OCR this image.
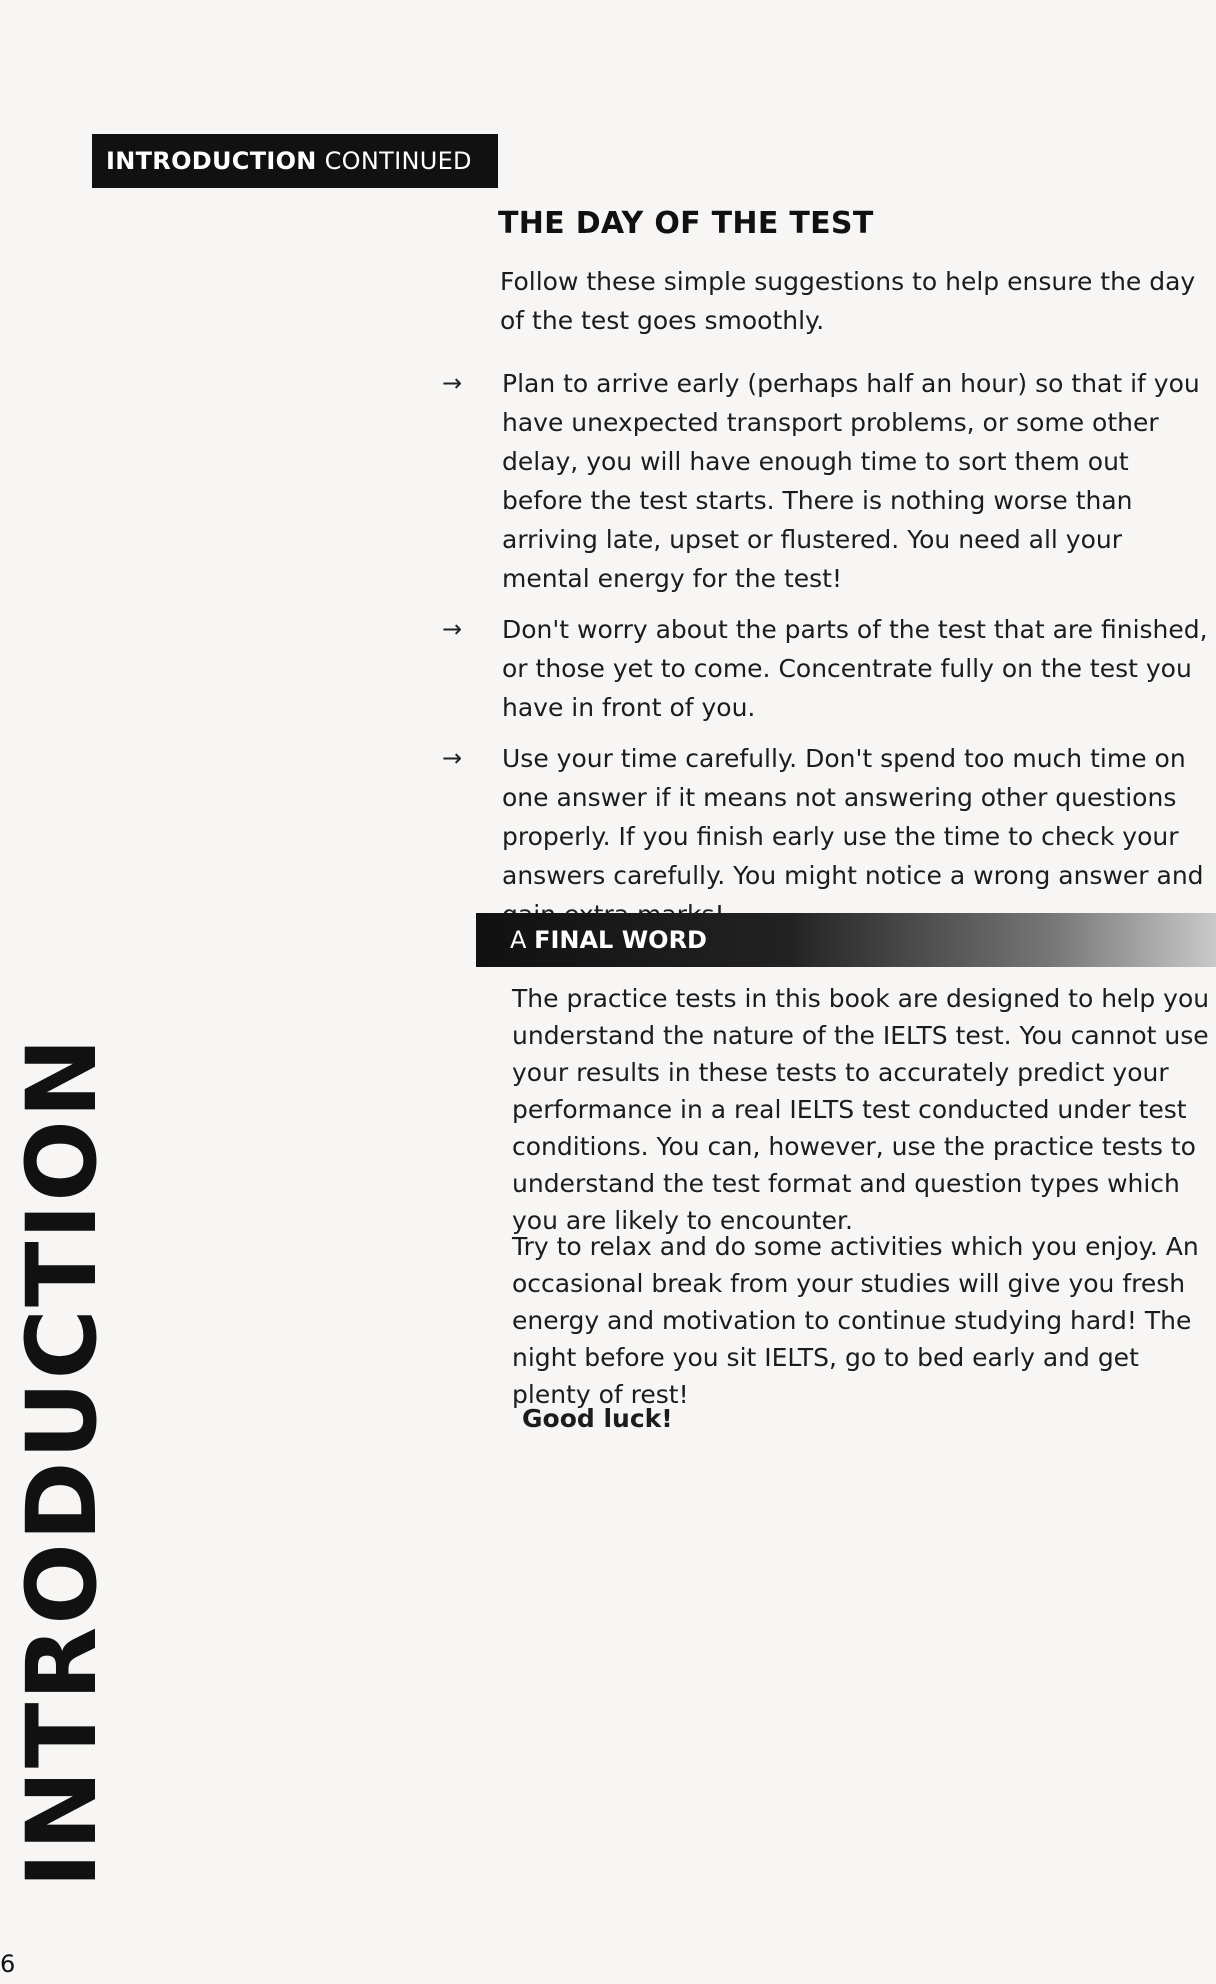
INTRODUCTION CONTINUED
THE DAY OF THE TEST

Follow these simple suggestions to help ensure the day of the test goes smoothly.

→ Plan to arrive early (perhaps half an hour) so that if you have unexpected transport problems, or some other delay, you will have enough time to sort them out before the test starts. There is nothing worse than arriving late, upset or flustered. You need all your mental energy for the test!
→ Don't worry about the parts of the test that are finished, or those yet to come. Concentrate fully on the test you have in front of you.
→ Use your time carefully. Don't spend too much time on one answer if it means not answering other questions properly. If you finish early use the time to check your answers carefully. You might notice a wrong answer and
A FINAL WORD

The practice tests in this book are designed to help you understand the nature of the IELTS test. You cannot use your results in these tests to accurately predict your performance in a real IELTS test conducted under test conditions. You can, however, use the practice tests to understand the test format and question types which you are likely to encounter.

Try to relax and do some activities which you enjoy. An occasional break from your studies will give you fresh energy and motivation to continue studying hard! The night before you sit IELTS, go to bed early and get plenty of rest!

Good luck!

INTRODUCTION
6
